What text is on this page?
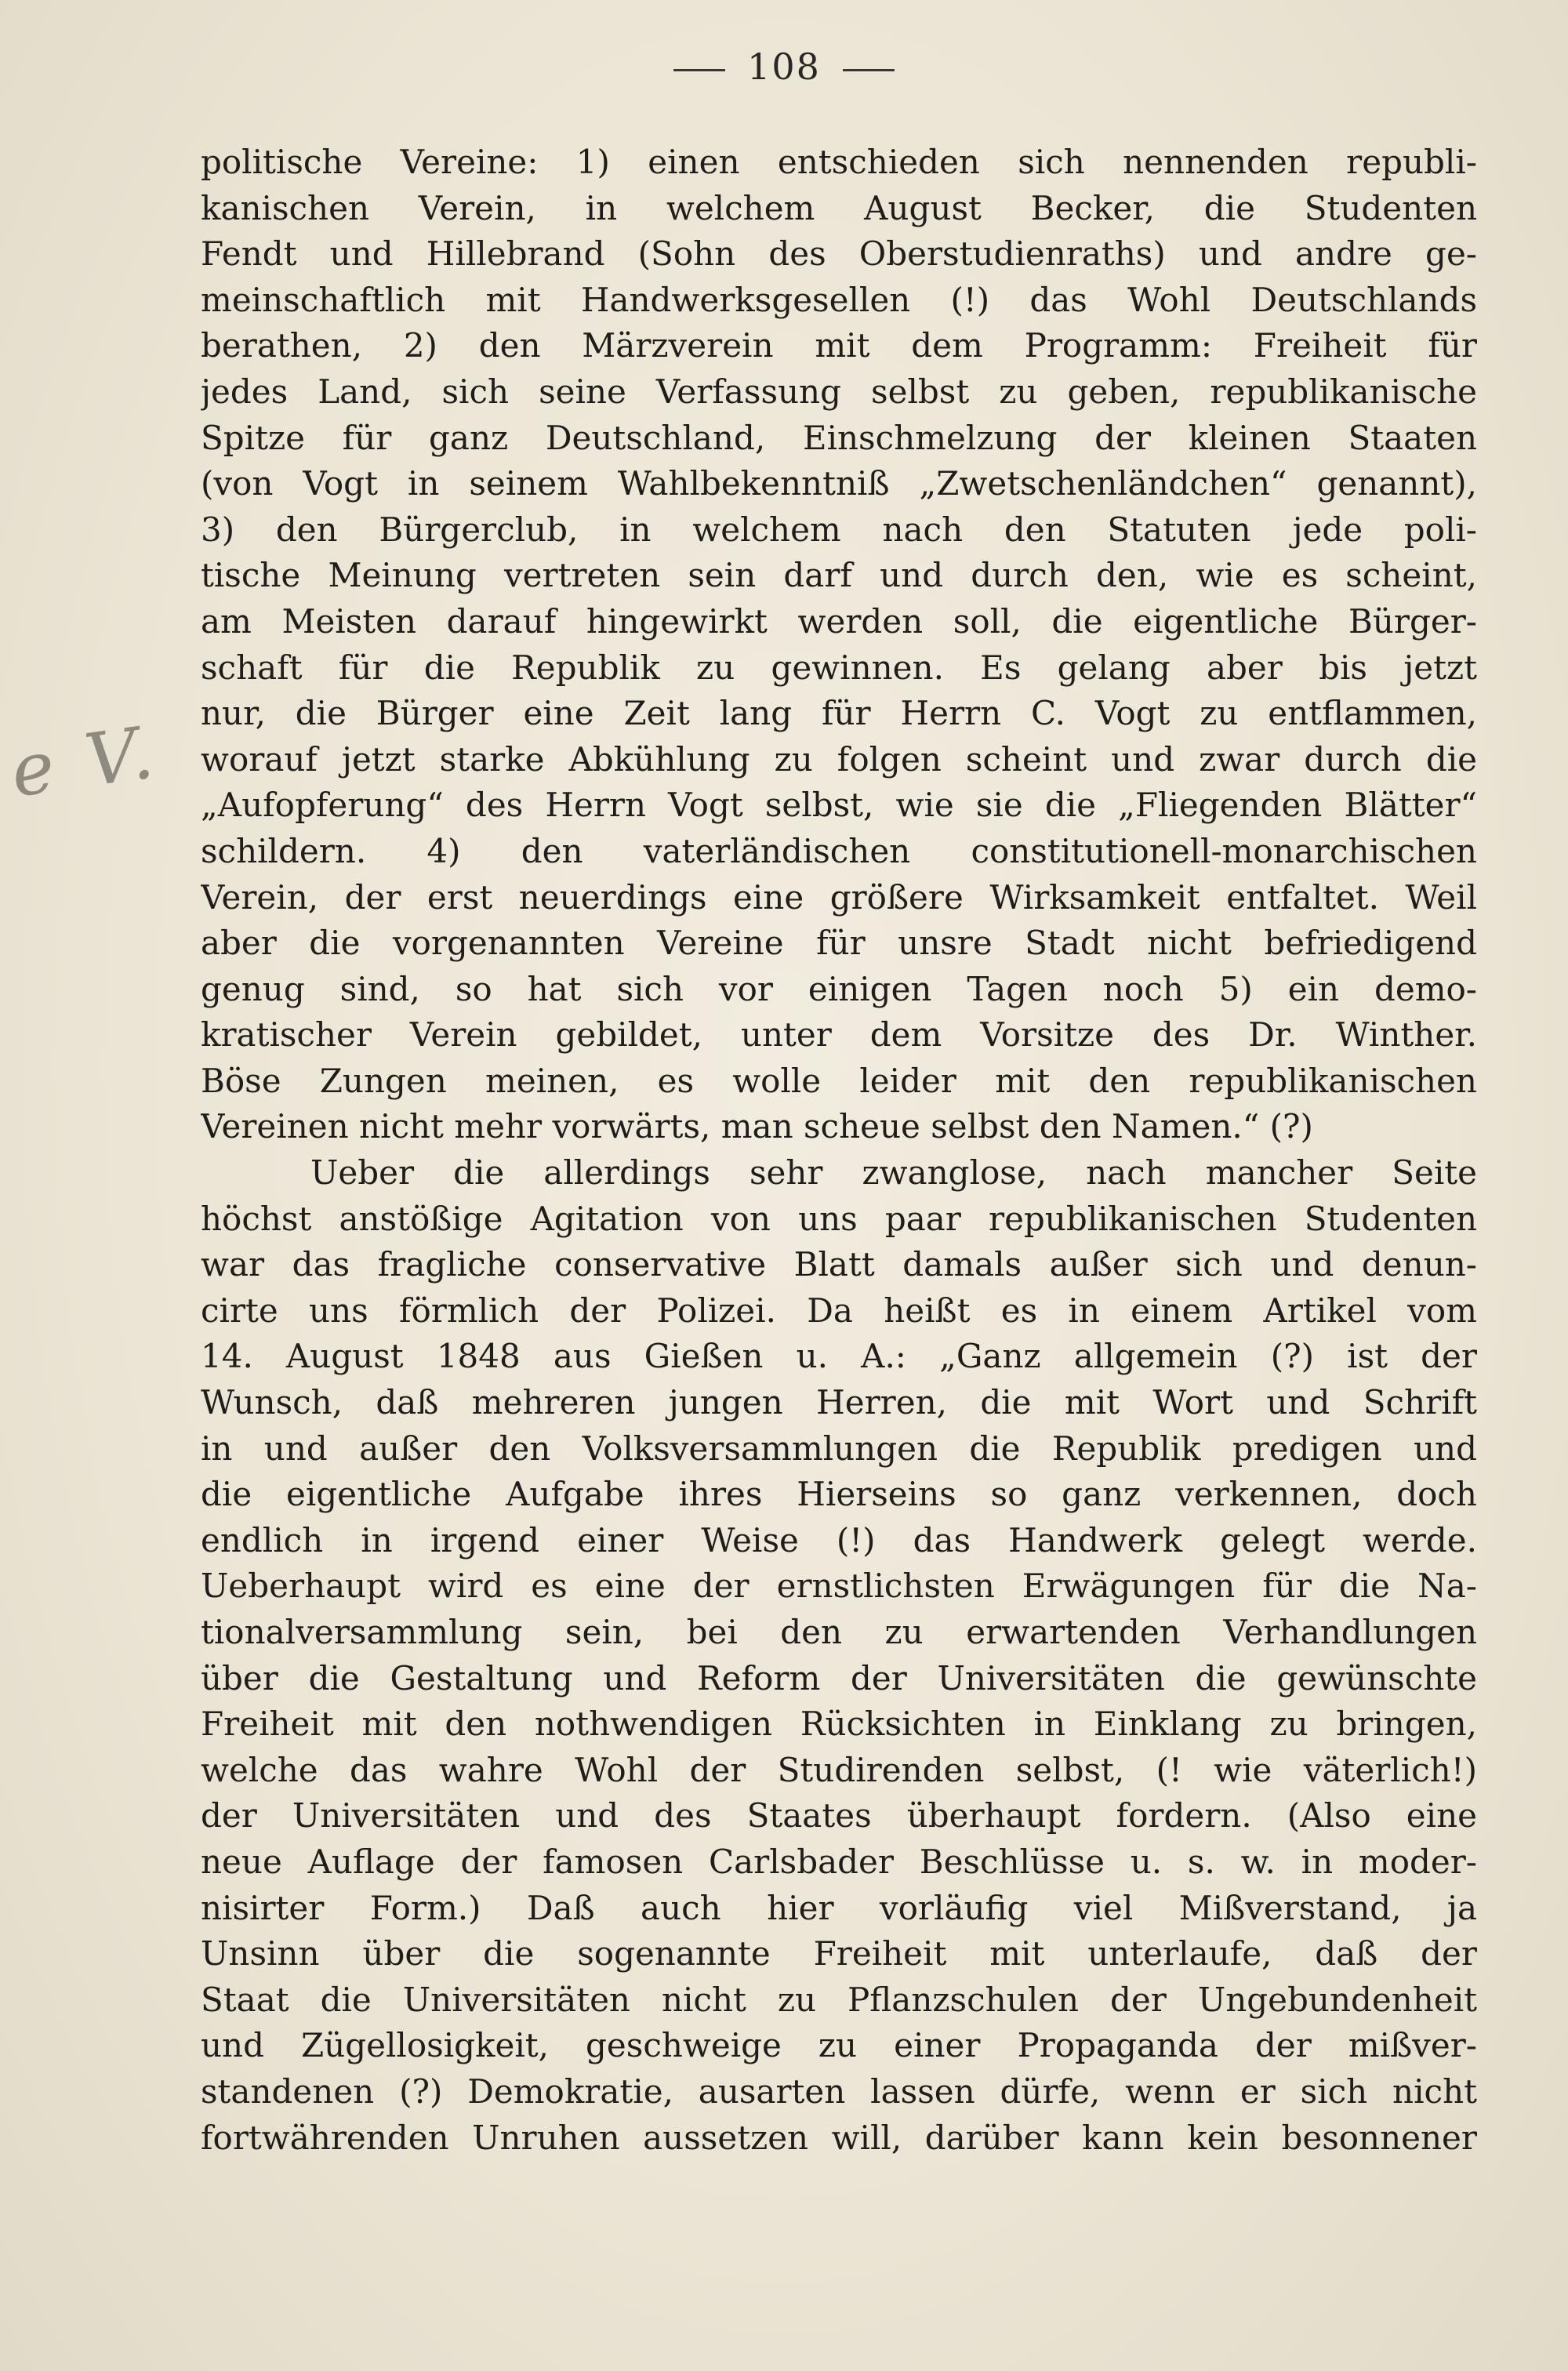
108
e V.
politische Vereine: 1) einen entschieden sich nennenden republi-
kanischen Verein, in welchem August Becker, die Studenten
Fendt und Hillebrand (Sohn des Oberstudienraths) und andre ge-
meinschaftlich mit Handwerksgesellen (!) das Wohl Deutschlands
berathen, 2) den Märzverein mit dem Programm: Freiheit für
jedes Land, sich seine Verfassung selbst zu geben, republikanische
Spitze für ganz Deutschland, Einschmelzung der kleinen Staaten
(von Vogt in seinem Wahlbekenntniß „Zwetschenländchen“ genannt),
3) den Bürgerclub, in welchem nach den Statuten jede poli-
tische Meinung vertreten sein darf und durch den, wie es scheint,
am Meisten darauf hingewirkt werden soll, die eigentliche Bürger-
schaft für die Republik zu gewinnen. Es gelang aber bis jetzt
nur, die Bürger eine Zeit lang für Herrn C. Vogt zu entflammen,
worauf jetzt starke Abkühlung zu folgen scheint und zwar durch die
„Aufopferung“ des Herrn Vogt selbst, wie sie die „Fliegenden Blätter“
schildern. 4) den vaterländischen constitutionell-monarchischen
Verein, der erst neuerdings eine größere Wirksamkeit entfaltet. Weil
aber die vorgenannten Vereine für unsre Stadt nicht befriedigend
genug sind, so hat sich vor einigen Tagen noch 5) ein demo-
kratischer Verein gebildet, unter dem Vorsitze des Dr. Winther.
Böse Zungen meinen, es wolle leider mit den republikanischen
Vereinen nicht mehr vorwärts, man scheue selbst den Namen.“ (?)
Ueber die allerdings sehr zwanglose, nach mancher Seite
höchst anstößige Agitation von uns paar republikanischen Studenten
war das fragliche conservative Blatt damals außer sich und denun-
cirte uns förmlich der Polizei. Da heißt es in einem Artikel vom
14. August 1848 aus Gießen u. A.: „Ganz allgemein (?) ist der
Wunsch, daß mehreren jungen Herren, die mit Wort und Schrift
in und außer den Volksversammlungen die Republik predigen und
die eigentliche Aufgabe ihres Hierseins so ganz verkennen, doch
endlich in irgend einer Weise (!) das Handwerk gelegt werde.
Ueberhaupt wird es eine der ernstlichsten Erwägungen für die Na-
tionalversammlung sein, bei den zu erwartenden Verhandlungen
über die Gestaltung und Reform der Universitäten die gewünschte
Freiheit mit den nothwendigen Rücksichten in Einklang zu bringen,
welche das wahre Wohl der Studirenden selbst, (! wie väterlich!)
der Universitäten und des Staates überhaupt fordern. (Also eine
neue Auflage der famosen Carlsbader Beschlüsse u. s. w. in moder-
nisirter Form.) Daß auch hier vorläufig viel Mißverstand, ja
Unsinn über die sogenannte Freiheit mit unterlaufe, daß der
Staat die Universitäten nicht zu Pflanzschulen der Ungebundenheit
und Zügellosigkeit, geschweige zu einer Propaganda der mißver-
standenen (?) Demokratie, ausarten lassen dürfe, wenn er sich nicht
fortwährenden Unruhen aussetzen will, darüber kann kein besonnener
